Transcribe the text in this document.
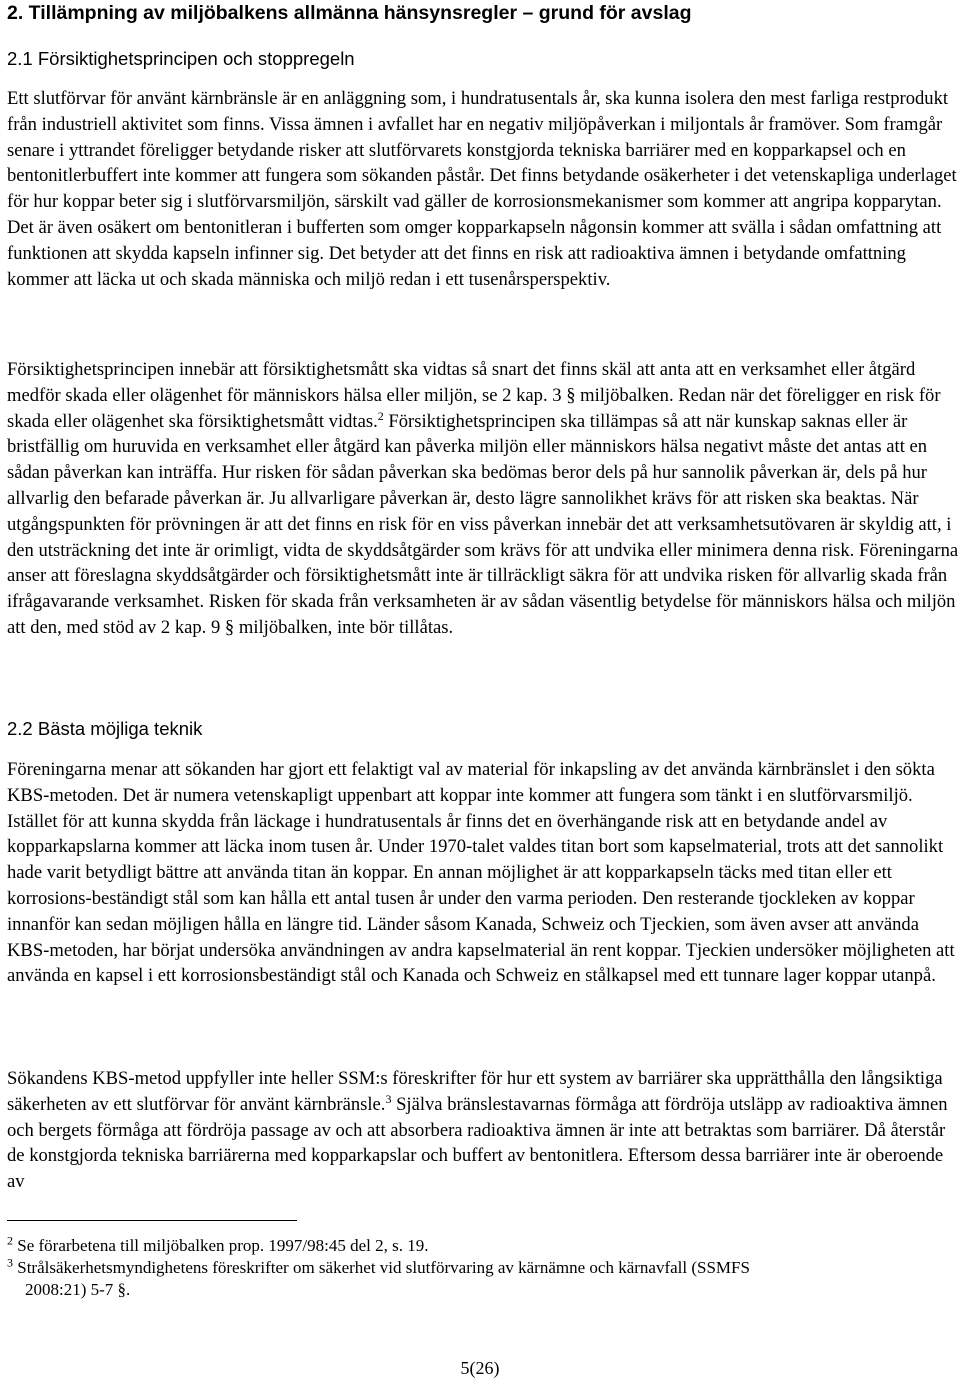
2. Tillämpning av miljöbalkens allmänna hänsynsregler – grund för avslag
2.1 Försiktighetsprincipen och stoppregeln

Ett slutförvar för använt kärnbränsle är en anläggning som, i hundratusentals år, ska kunna isolera den mest farliga restprodukt från industriell aktivitet som finns. Vissa ämnen i avfallet har en negativ miljöpåverkan i miljontals år framöver. Som framgår senare i yttrandet föreligger betydande risker att slutförvarets konstgjorda tekniska barriärer med en kopparkapsel och en bentonitlerbuffert inte kommer att fungera som sökanden påstår. Det finns betydande osäkerheter i det vetenskapliga underlaget för hur koppar beter sig i slutförvarsmiljön, särskilt vad gäller de korrosionsmekanismer som kommer att angripa kopparytan. Det är även osäkert om bentonitleran i bufferten som omger kopparkapseln någonsin kommer att svälla i sådan omfattning att funktionen att skydda kapseln infinner sig. Det betyder att det finns en risk att radioaktiva ämnen i betydande omfattning kommer att läcka ut och skada människa och miljö redan i ett tusenårsperspektiv.

Försiktighetsprincipen innebär att försiktighetsmått ska vidtas så snart det finns skäl att anta att en verksamhet eller åtgärd medför skada eller olägenhet för människors hälsa eller miljön, se 2 kap. 3 § miljöbalken. Redan när det föreligger en risk för skada eller olägenhet ska försiktighetsmått vidtas.$^2$ Försiktighetsprincipen ska tillämpas så att när kunskap saknas eller är bristfällig om huruvida en verksamhet eller åtgärd kan påverka miljön eller människors hälsa negativt måste det antas att en sådan påverkan kan inträffa. Hur risken för sådan påverkan ska bedömas beror dels på hur sannolik påverkan är, dels på hur allvarlig den befarade påverkan är. Ju allvarligare påverkan är, desto lägre sannolikhet krävs för att risken ska beaktas. När utgångspunkten för prövningen är att det finns en risk för en viss påverkan innebär det att verksamhetsutövaren är skyldig att, i den utsträckning det inte är orimligt, vidta de skyddsåtgärder som krävs för att undvika eller minimera denna risk. Föreningarna anser att föreslagna skyddsåtgärder och försiktighetsmått inte är tillräckligt säkra för att undvika risken för allvarlig skada från ifrågavarande verksamhet. Risken för skada från verksamheten är av sådan väsentlig betydelse för människors hälsa och miljön att den, med stöd av 2 kap. 9 § miljöbalken, inte bör tillåtas.

2.2 Bästa möjliga teknik

Föreningarna menar att sökanden har gjort ett felaktigt val av material för inkapsling av det använda kärnbränslet i den sökta KBS-metoden. Det är numera vetenskapligt uppenbart att koppar inte kommer att fungera som tänkt i en slutförvarsmiljö. Istället för att kunna skydda från läckage i hundratusentals år finns det en överhängande risk att en betydande andel av kopparkapslarna kommer att läcka inom tusen år. Under 1970-talet valdes titan bort som kapselmaterial, trots att det sannolikt hade varit betydligt bättre att använda titan än koppar. En annan möjlighet är att kopparkapseln täcks med titan eller ett korrosions-beständigt stål som kan hålla ett antal tusen år under den varma perioden. Den resterande tjockleken av koppar innanför kan sedan möjligen hålla en längre tid. Länder såsom Kanada, Schweiz och Tjeckien, som även avser att använda KBS-metoden, har börjat undersöka användningen av andra kapselmaterial än rent koppar. Tjeckien undersöker möjligheten att använda en kapsel i ett korrosionsbeständigt stål och Kanada och Schweiz en stålkapsel med ett tunnare lager koppar utanpå.

Sökandens KBS-metod uppfyller inte heller SSM:s föreskrifter för hur ett system av barriärer ska upprätthålla den långsiktiga säkerheten av ett slutförvar för använt kärnbränsle.$^3$ Själva bränslestavarnas förmåga att fördröja utsläpp av radioaktiva ämnen och bergets förmåga att fördröja passage av och att absorbera radioaktiva ämnen är inte att betraktas som barriärer. Då återstår de konstgjorda tekniska barriärerna med kopparkapslar och buffert av bentonitlera. Eftersom dessa barriärer inte är oberoende av

$^2$ Se förarbetena till miljöbalken prop. 1997/98:45 del 2, s. 19.

$^3$ Strålsäkerhetsmyndighetens föreskrifter om säkerhet vid slutförvaring av kärnämne och kärnavfall (SSMFS
2008:21) 5-7 §.

5(26)
